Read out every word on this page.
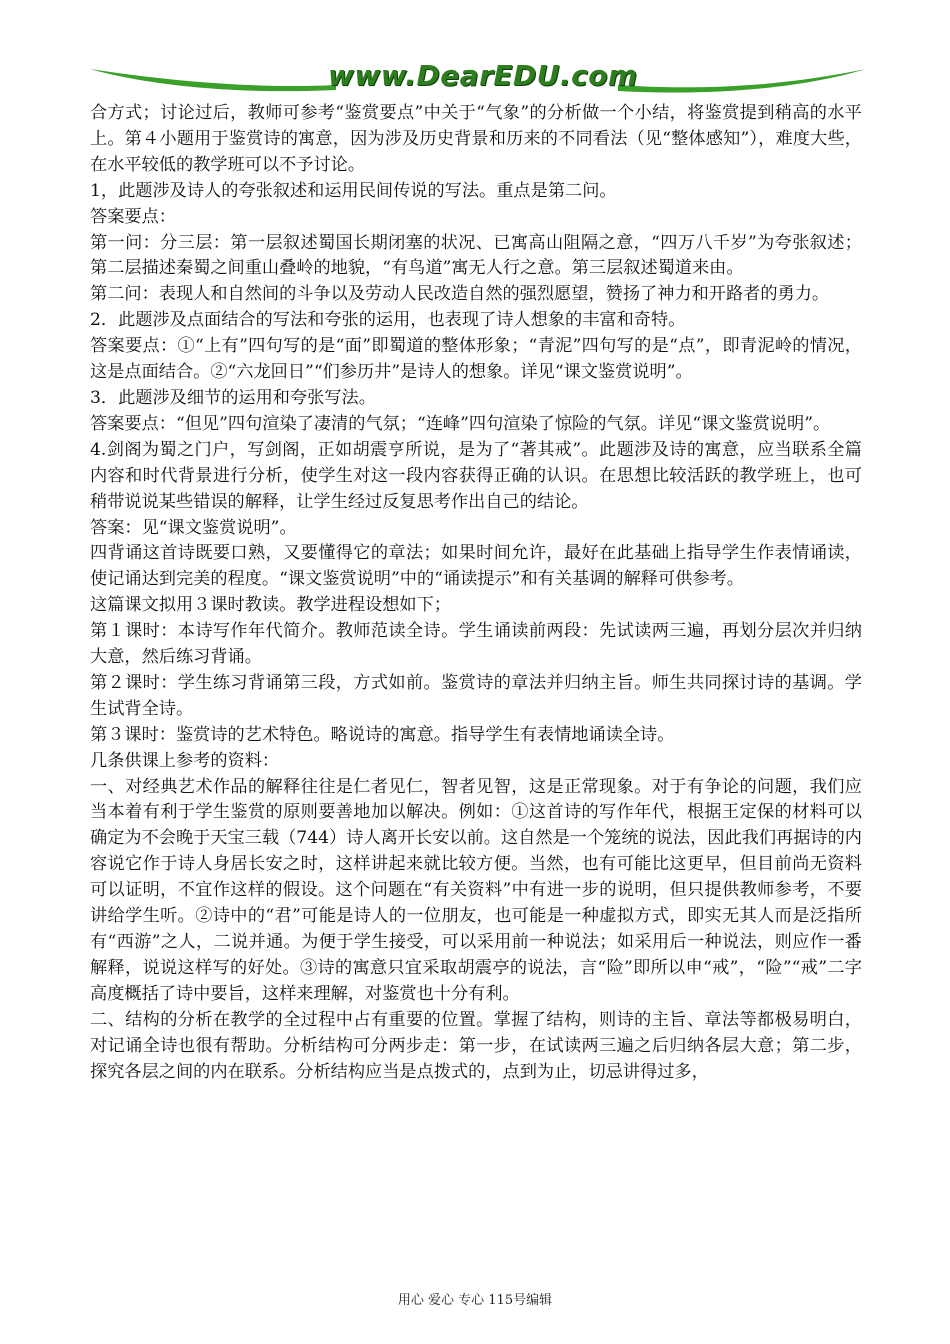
www.DearEDU.com

合方式；讨论过后，教师可参考“鉴赏要点”中关于“气象”的分析做一个小结，将鉴赏提到稍高的水平上。第４小题用于鉴赏诗的寓意，因为涉及历史背景和历来的不同看法（见“整体感知”），难度大些，在水平较低的教学班可以不予讨论。

1，此题涉及诗人的夸张叙述和运用民间传说的写法。重点是第二问。

答案要点：

第一问：分三层：第一层叙述蜀国长期闭塞的状况、已寓高山阻隔之意，“四万八千岁”为夸张叙述；第二层描述秦蜀之间重山叠岭的地貌，“有鸟道”寓无人行之意。第三层叙述蜀道来由。

第二问：表现人和自然间的斗争以及劳动人民改造自然的强烈愿望，赞扬了神力和开路者的勇力。

2．此题涉及点面结合的写法和夸张的运用，也表现了诗人想象的丰富和奇特。

答案要点：①“上有”四句写的是“面”即蜀道的整体形象；“青泥”四句写的是“点”，即青泥岭的情况，这是点面结合。②“六龙回日”“们参历井”是诗人的想象。详见“课文鉴赏说明”。

3．此题涉及细节的运用和夸张写法。

答案要点：“但见”四句渲染了凄清的气氛；“连峰”四句渲染了惊险的气氛。详见“课文鉴赏说明”。

4.剑阁为蜀之门户，写剑阁，正如胡震亨所说，是为了“著其戒”。此题涉及诗的寓意，应当联系全篇内容和时代背景进行分析，使学生对这一段内容获得正确的认识。在思想比较活跃的教学班上，也可稍带说说某些错误的解释，让学生经过反复思考作出自己的结论。

答案：见“课文鉴赏说明”。

四背诵这首诗既要口熟，又要懂得它的章法；如果时间允许，最好在此基础上指导学生作表情诵读，使记诵达到完美的程度。“课文鉴赏说明”中的“诵读提示”和有关基调的解释可供参考。

这篇课文拟用３课时教读。教学进程设想如下；

第１课时：本诗写作年代简介。教师范读全诗。学生诵读前两段：先试读两三遍，再划分层次并归纳大意，然后练习背诵。

第２课时：学生练习背诵第三段，方式如前。鉴赏诗的章法并归纳主旨。师生共同探讨诗的基调。学生试背全诗。

第３课时：鉴赏诗的艺术特色。略说诗的寓意。指导学生有表情地诵读全诗。

几条供课上参考的资料：

一、对经典艺术作品的解释往往是仁者见仁，智者见智，这是正常现象。对于有争论的问题，我们应当本着有利于学生鉴赏的原则要善地加以解决。例如：①这首诗的写作年代，根据王定保的材料可以确定为不会晚于天宝三载（744）诗人离开长安以前。这自然是一个笼统的说法，因此我们再据诗的内容说它作于诗人身居长安之时，这样讲起来就比较方便。当然，也有可能比这更早，但目前尚无资料可以证明，不宜作这样的假设。这个问题在“有关资料”中有进一步的说明，但只提供教师参考，不要讲给学生听。②诗中的“君”可能是诗人的一位朋友，也可能是一种虚拟方式，即实无其人而是泛指所有“西游”之人，二说并通。为便于学生接受，可以采用前一种说法；如采用后一种说法，则应作一番解释，说说这样写的好处。③诗的寓意只宜采取胡震亭的说法，言“险”即所以申“戒”，“险”“戒”二字高度概括了诗中要旨，这样来理解，对鉴赏也十分有利。

二、结构的分析在教学的全过程中占有重要的位置。掌握了结构，则诗的主旨、章法等都极易明白，对记诵全诗也很有帮助。分析结构可分两步走：第一步，在试读两三遍之后归纳各层大意；第二步，探究各层之间的内在联系。分析结构应当是点拨式的，点到为止，切忌讲得过多，

用心 爱心 专心 115号编辑
